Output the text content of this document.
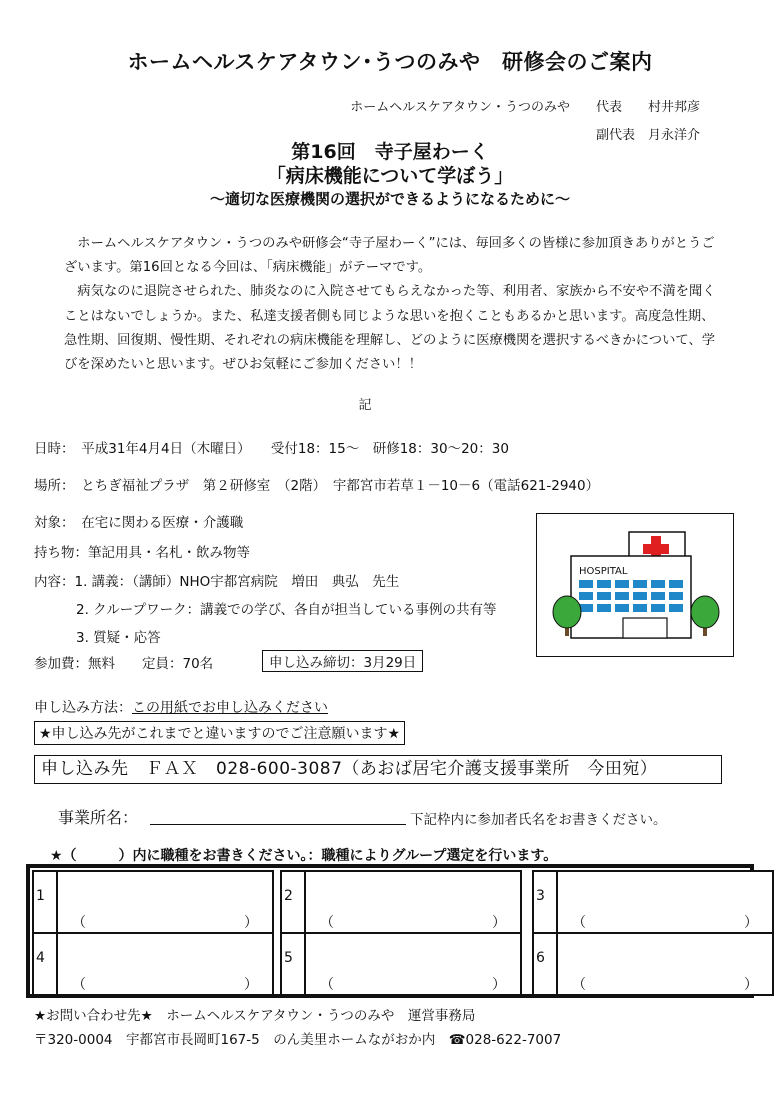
ホームヘルスケアタウン･うつのみや　研修会のご案内
ホームヘルスケアタウン・うつのみや　　代表　　村井邦彦
副代表　月永洋介
第16回　寺子屋わーく
「病床機能について学ぼう」
～適切な医療機関の選択ができるようになるために～

ホームヘルスケアタウン・うつのみや研修会“寺子屋わーく”には、毎回多くの皆様に参加頂きありがとうございます。第16回となる今回は、「病床機能」がテーマです。

病気なのに退院させられた、肺炎なのに入院させてもらえなかった等、利用者、家族から不安や不満を聞くことはないでしょうか。また、私達支援者側も同じような思いを抱くこともあるかと思います。高度急性期、急性期、回復期、慢性期、それぞれの病床機能を理解し、どのように医療機関を選択するべきかについて、学びを深めたいと思います。ぜひお気軽にご参加ください！！

記
日時：　平成31年4月4日（木曜日）　　受付18：15～　研修18：30～20：30
場所：　とちぎ福祉プラザ　第２研修室　（2階）　宇都宮市若草１－10－6（電話621-2940）
対象：　在宅に関わる医療・介護職
持ち物：筆記用具・名札・飲み物等
内容：1. 講義：（講師）NHO宇都宮病院　増田　典弘　先生
2. クループワーク：講義での学び、各自が担当している事例の共有等
3. 質疑・応答
参加費：無料　　定員：70名	申し込み締切：3月29日
HOSPITAL
申し込み方法：この用紙でお申し込みください
★申し込み先がこれまでと違いますのでご注意願います★
申し込み先　ＦＡＸ　028-600-3087（あおば居宅介護支援事業所　今田宛）
事業所名：	下記枠内に参加者氏名をお書きください。
★（　　　）内に職種をお書きください。：職種によりグループ選定を行います。
1
（	）
2
（	）
3
（	）
4
（	）
5
（	）
6
（	）
★お問い合わせ先★　ホームヘルスケアタウン・うつのみや　運営事務局
〒320-0004　宇都宮市長岡町167-5　のん美里ホームながおか内　☎028-622-7007
